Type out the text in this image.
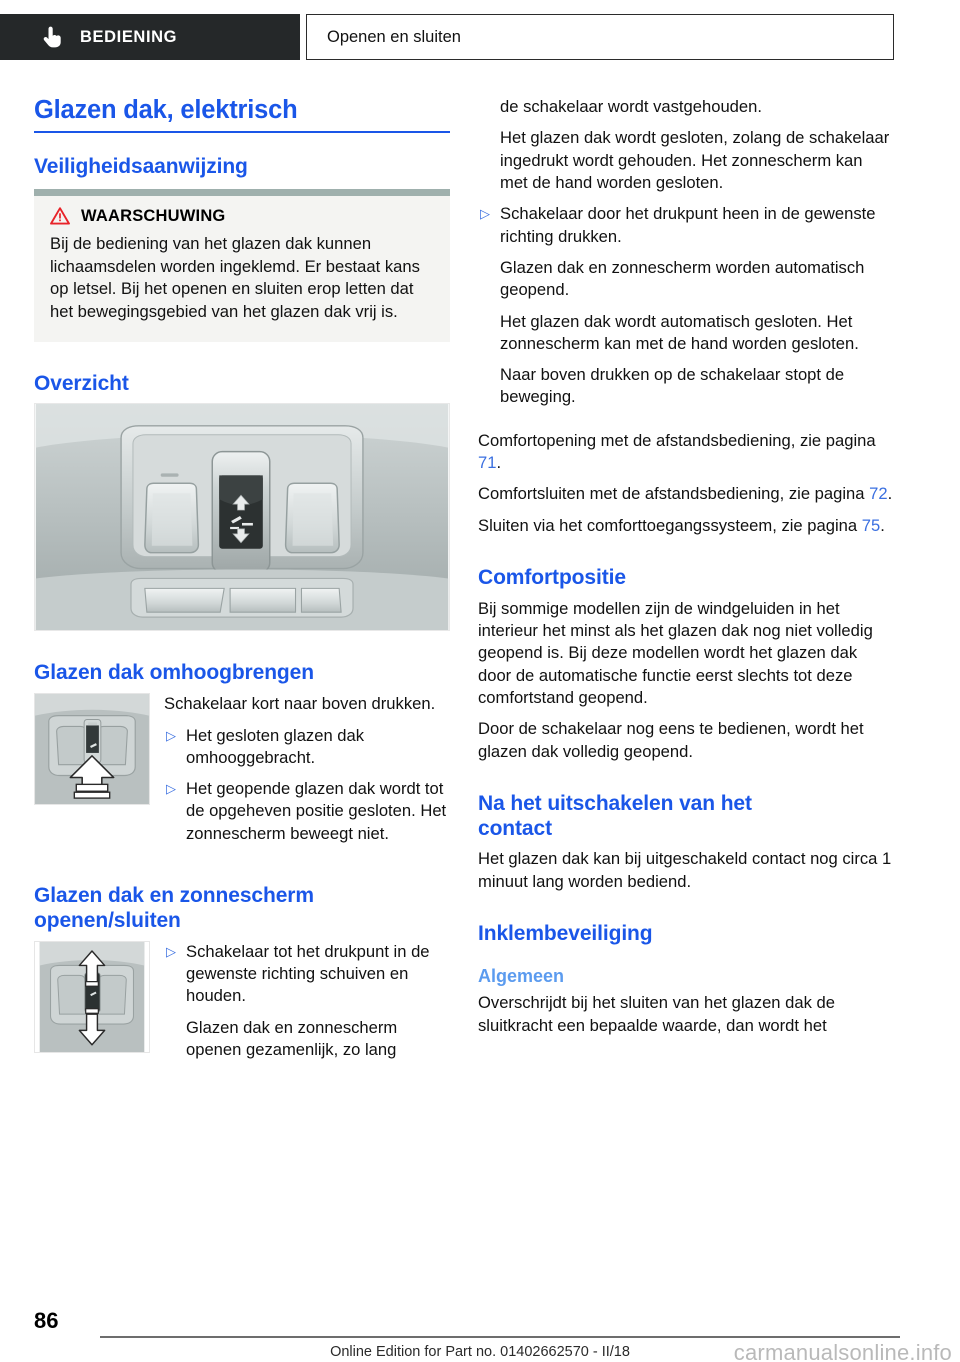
BEDIENING	Openen en sluiten
Glazen dak, elektrisch
Veiligheidsaanwijzing
WAARSCHUWING
Bij de bediening van het glazen dak kunnen lichaamsdelen worden ingeklemd. Er bestaat kans op letsel. Bij het openen en sluiten erop letten dat het bewegingsgebied van het glazen dak vrij is.
Overzicht
Glazen dak omhoogbrengen

Schakelaar kort naar boven drukken.

▷ Het gesloten glazen dak omhooggebracht.
▷ Het geopende glazen dak wordt tot de opgeheven positie gesloten. Het zonnescherm beweegt niet.
Glazen dak en zonnescherm
openen/sluiten
▷ Schakelaar tot het drukpunt in de gewenste richting schuiven en houden.

Glazen dak en zonnescherm openen gezamenlijk, zo lang

de schakelaar wordt vastgehouden.

Het glazen dak wordt gesloten, zolang de schakelaar ingedrukt wordt gehouden. Het zonnescherm kan met de hand worden gesloten.

▷ Schakelaar door het drukpunt heen in de gewenste richting drukken.

Glazen dak en zonnescherm worden automatisch geopend.

Het glazen dak wordt automatisch gesloten. Het zonnescherm kan met de hand worden gesloten.

Naar boven drukken op de schakelaar stopt de beweging.

Comfortopening met de afstandsbediening, zie pagina 71.

Comfortsluiten met de afstandsbediening, zie pagina 72.

Sluiten via het comforttoegangssysteem, zie pagina 75.

Comfortpositie

Bij sommige modellen zijn de windgeluiden in het interieur het minst als het glazen dak nog niet volledig geopend is. Bij deze modellen wordt het glazen dak door de automatische functie eerst slechts tot deze comfortstand geopend.

Door de schakelaar nog eens te bedienen, wordt het glazen dak volledig geopend.

Na het uitschakelen van het
contact

Het glazen dak kan bij uitgeschakeld contact nog circa 1 minuut lang worden bediend.

Inklembeveiliging
Algemeen

Overschrijdt bij het sluiten van het glazen dak de sluitkracht een bepaalde waarde, dan wordt het

86
Online Edition for Part no. 01402662570 - II/18	carmanualsonline.info
